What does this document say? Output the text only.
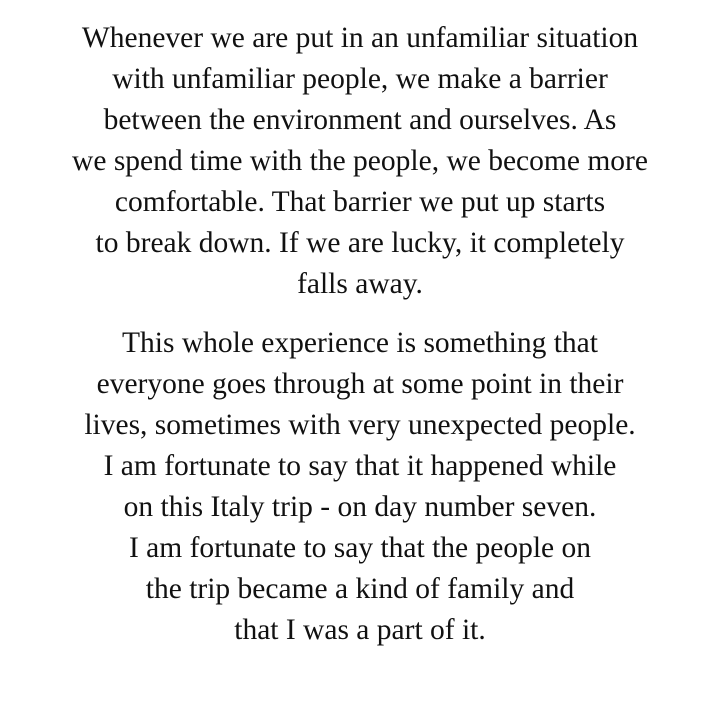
Whenever we are put in an unfamiliar situation
with unfamiliar people, we make a barrier
between the environment and ourselves. As
we spend time with the people, we become more
comfortable. That barrier we put up starts
to break down. If we are lucky, it completely
falls away.

This whole experience is something that
everyone goes through at some point in their
lives, sometimes with very unexpected people.
I am fortunate to say that it happened while
on this Italy trip - on day number seven.
I am fortunate to say that the people on
the trip became a kind of family and
that I was a part of it.
